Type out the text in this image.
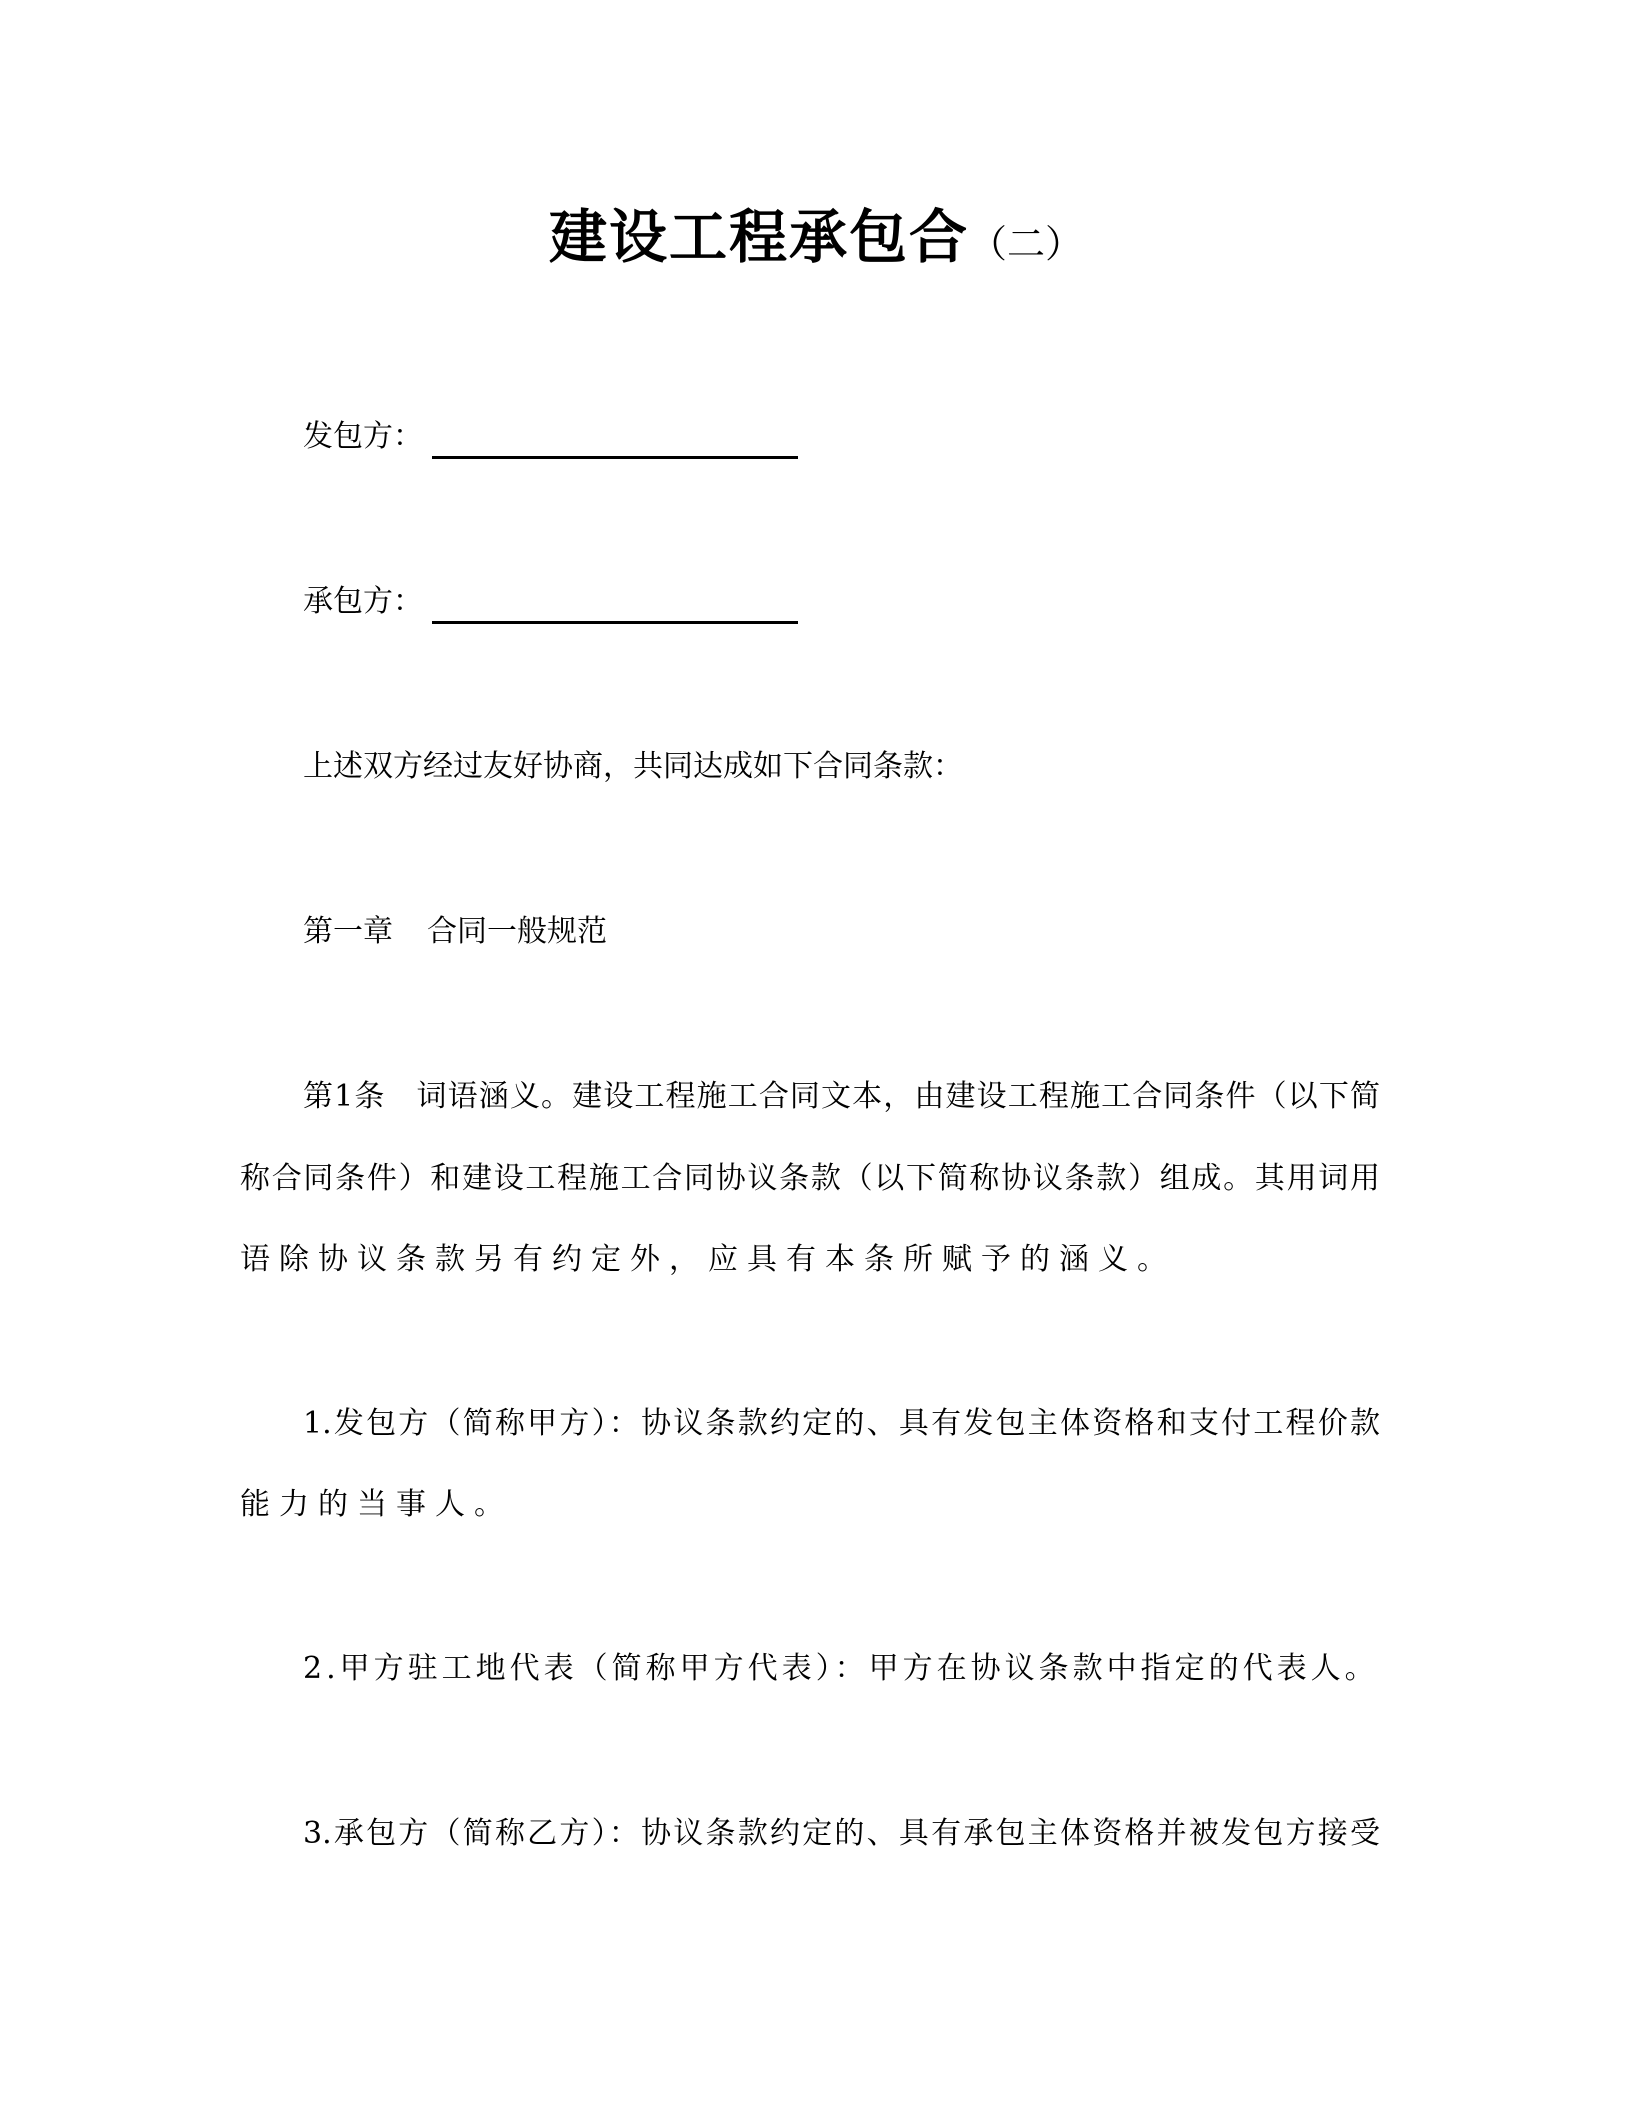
建设工程承包合（二）
发包方：
承包方：
上述双方经过友好协商，共同达成如下合同条款：
第一章 合同一般规范
第1条 词语涵义。建设工程施工合同文本，由建设工程施工合同条件（以下简
称合同条件）和建设工程施工合同协议条款（以下简称协议条款）组成。其用词用
语除协议条款另有约定外，应具有本条所赋予的涵义。
1.发包方（简称甲方）：协议条款约定的、具有发包主体资格和支付工程价款
能力的当事人。
2.甲方驻工地代表（简称甲方代表）：甲方在协议条款中指定的代表人。
3.承包方（简称乙方）：协议条款约定的、具有承包主体资格并被发包方接受
